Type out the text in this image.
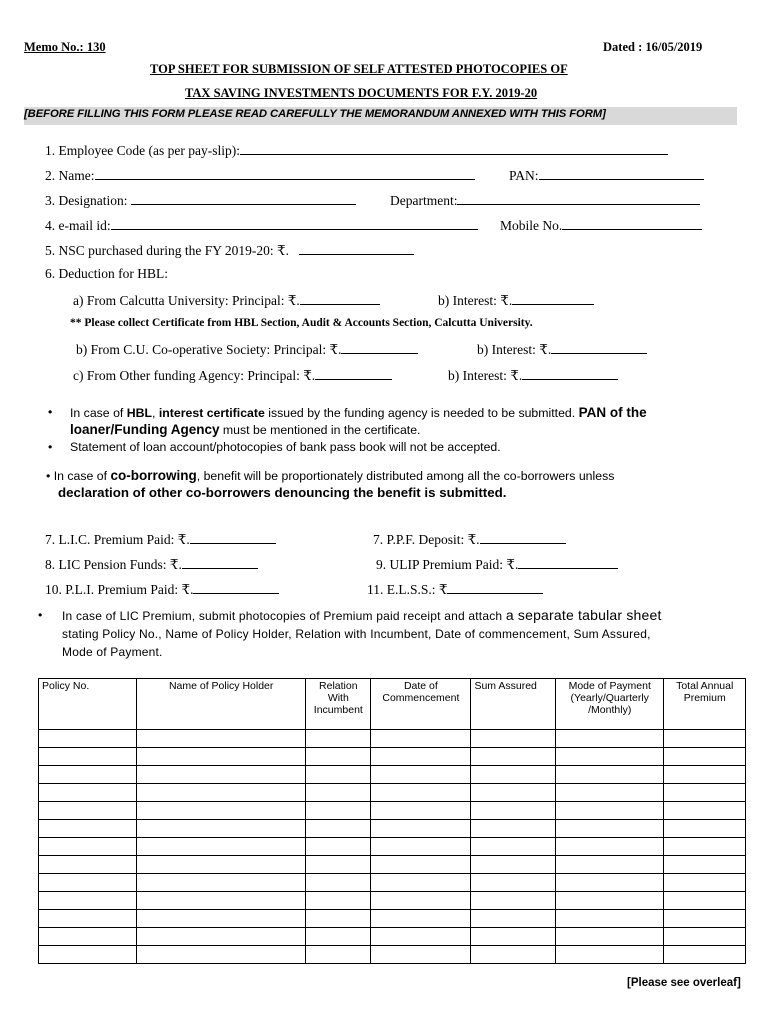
Memo No.: 130	Dated : 16/05/2019
TOP SHEET FOR SUBMISSION OF SELF ATTESTED PHOTOCOPIES OF
TAX SAVING INVESTMENTS DOCUMENTS FOR F.Y. 2019-20
[BEFORE FILLING THIS FORM PLEASE READ CAREFULLY THE MEMORANDUM ANNEXED WITH THIS FORM]
1. Employee Code (as per pay-slip):
2. Name:	PAN:
3. Designation:	Department:
4. e-mail id:	Mobile No.
5. NSC purchased during the FY 2019-20: ₹.
6. Deduction for HBL:
a) From Calcutta University: Principal: ₹.	b) Interest: ₹.
** Please collect Certificate from HBL Section, Audit & Accounts Section, Calcutta University.
b) From C.U. Co-operative Society: Principal: ₹.	b) Interest: ₹.
c) From Other funding Agency: Principal: ₹.	b) Interest: ₹.
• In case of HBL, interest certificate issued by the funding agency is needed to be submitted. PAN of the
loaner/Funding Agency must be mentioned in the certificate.
• Statement of loan account/photocopies of bank pass book will not be accepted.
• In case of co-borrowing, benefit will be proportionately distributed among all the co-borrowers unless
declaration of other co-borrowers denouncing the benefit is submitted.
7. L.I.C. Premium Paid: ₹.	7. P.P.F. Deposit: ₹.
8. LIC Pension Funds: ₹.	9. ULIP Premium Paid: ₹.
10. P.L.I. Premium Paid: ₹.	11. E.L.S.S.: ₹
• In case of LIC Premium, submit photocopies of Premium paid receipt and attach a separate tabular sheet
stating Policy No., Name of Policy Holder, Relation with Incumbent, Date of commencement, Sum Assured,
Mode of Payment.
Policy No.	Name of Policy Holder	Relation With Incumbent	Date of Commencement	Sum Assured	Mode of Payment (Yearly/Quarterly /Monthly)	Total Annual Premium

[Please see overleaf]
